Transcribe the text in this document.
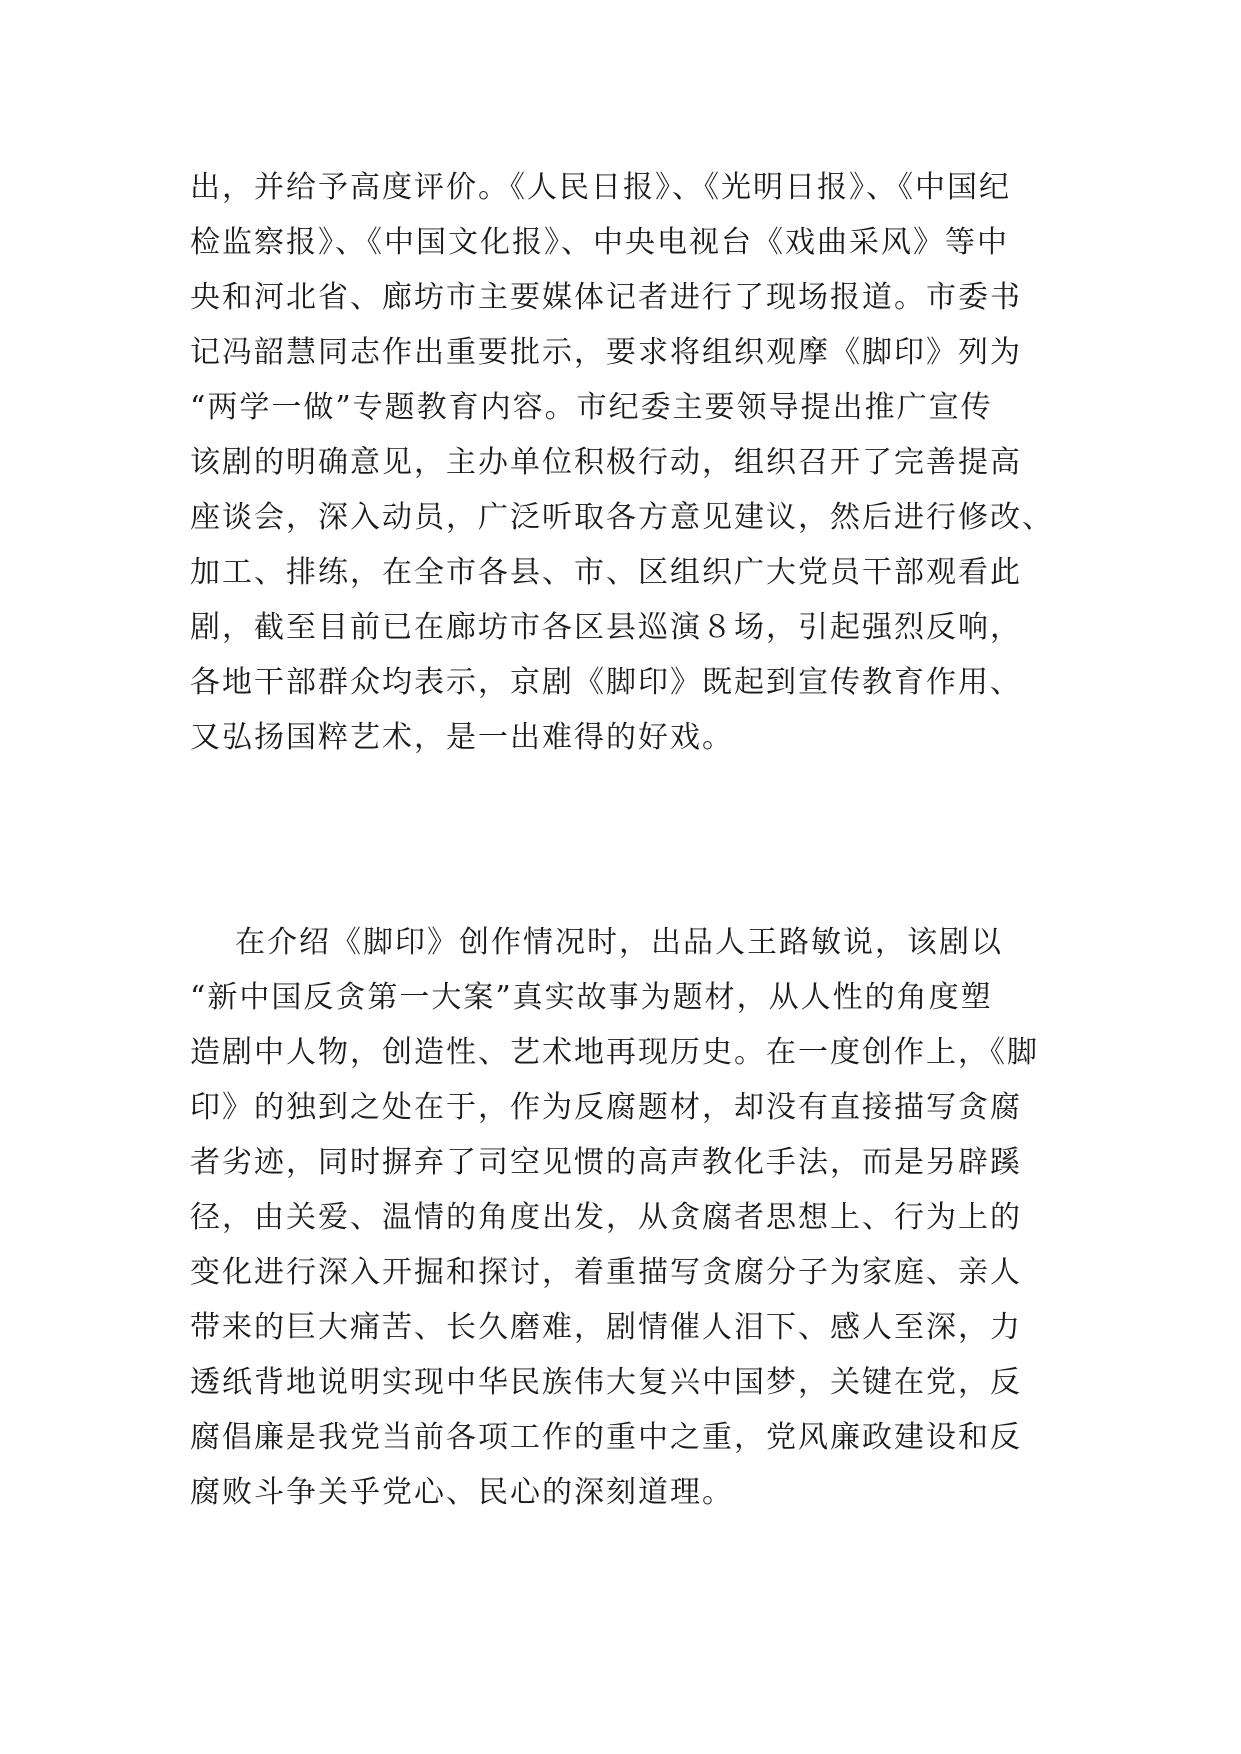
出，并给予高度评价。《人民日报》、《光明日报》、《中国纪
检监察报》、《中国文化报》、中央电视台《戏曲采风》等中
央和河北省、廊坊市主要媒体记者进行了现场报道。市委书
记冯韶慧同志作出重要批示，要求将组织观摩《脚印》列为
“两学一做”专题教育内容。市纪委主要领导提出推广宣传
该剧的明确意见，主办单位积极行动，组织召开了完善提高
座谈会，深入动员，广泛听取各方意见建议，然后进行修改、
加工、排练，在全市各县、市、区组织广大党员干部观看此
剧，截至目前已在廊坊市各区县巡演８场，引起强烈反响，
各地干部群众均表示，京剧《脚印》既起到宣传教育作用、
又弘扬国粹艺术，是一出难得的好戏。
在介绍《脚印》创作情况时，出品人王路敏说，该剧以
“新中国反贪第一大案”真实故事为题材，从人性的角度塑
造剧中人物，创造性、艺术地再现历史。在一度创作上，《脚
印》的独到之处在于，作为反腐题材，却没有直接描写贪腐
者劣迹，同时摒弃了司空见惯的高声教化手法，而是另辟蹊
径，由关爱、温情的角度出发，从贪腐者思想上、行为上的
变化进行深入开掘和探讨，着重描写贪腐分子为家庭、亲人
带来的巨大痛苦、长久磨难，剧情催人泪下、感人至深，力
透纸背地说明实现中华民族伟大复兴中国梦，关键在党，反
腐倡廉是我党当前各项工作的重中之重，党风廉政建设和反
腐败斗争关乎党心、民心的深刻道理。
